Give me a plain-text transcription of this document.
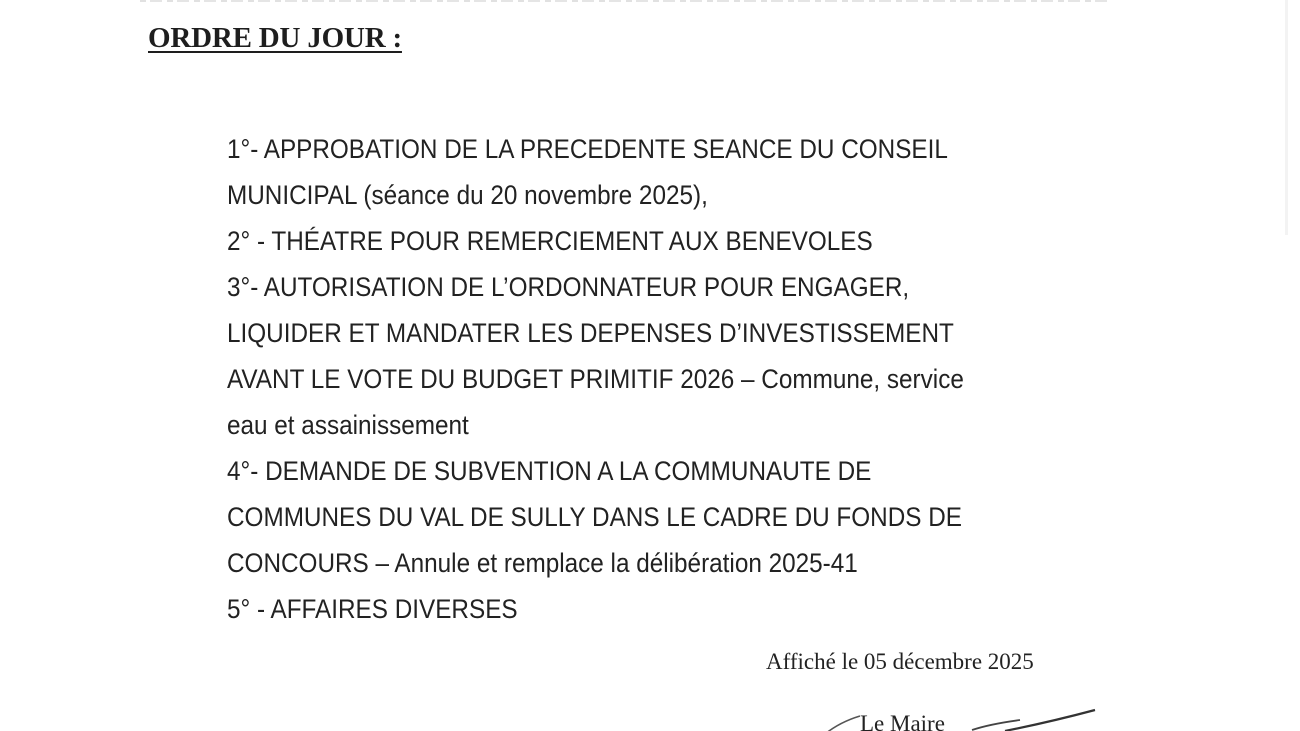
ORDRE DU JOUR :
1°- APPROBATION DE LA PRECEDENTE SEANCE DU CONSEIL
MUNICIPAL (séance du 20 novembre 2025),
2° - THÉATRE POUR REMERCIEMENT AUX BENEVOLES
3°- AUTORISATION DE L’ORDONNATEUR POUR ENGAGER,
LIQUIDER ET MANDATER LES DEPENSES D’INVESTISSEMENT
AVANT LE VOTE DU BUDGET PRIMITIF 2026 – Commune, service
eau et assainissement
4°- DEMANDE DE SUBVENTION A LA COMMUNAUTE DE
COMMUNES DU VAL DE SULLY DANS LE CADRE DU FONDS DE
CONCOURS – Annule et remplace la délibération 2025-41
5° - AFFAIRES DIVERSES
Affiché le 05 décembre 2025
Le Maire
